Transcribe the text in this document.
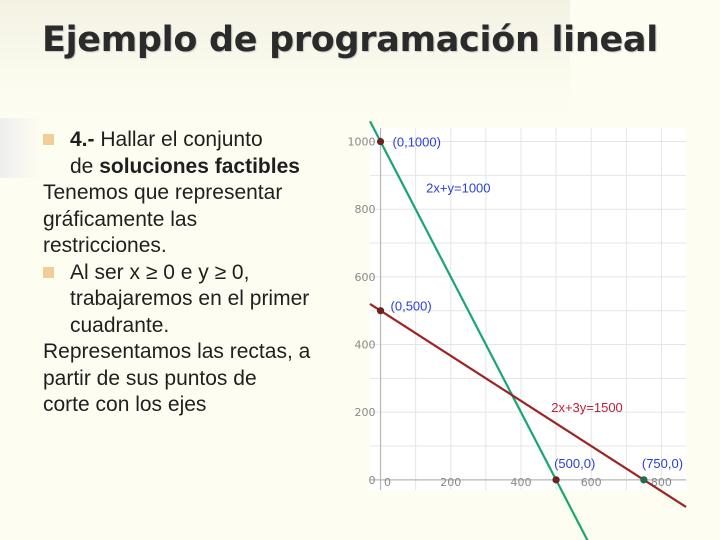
Ejemplo de programación lineal
4.- Hallar el conjunto
de soluciones factibles
Tenemos que representar
gráficamente las
restricciones.
Al ser x ≥ 0 e y ≥ 0,
trabajaremos en el primer
cuadrante.
Representamos las rectas, a
partir de sus puntos de
corte con los ejes
0	200	400	600	800
0
200
400
600
800
1000 (0,1000)
(0,500)
(500,0)	(750,0)
2x+y=1000
2x+3y=1500
